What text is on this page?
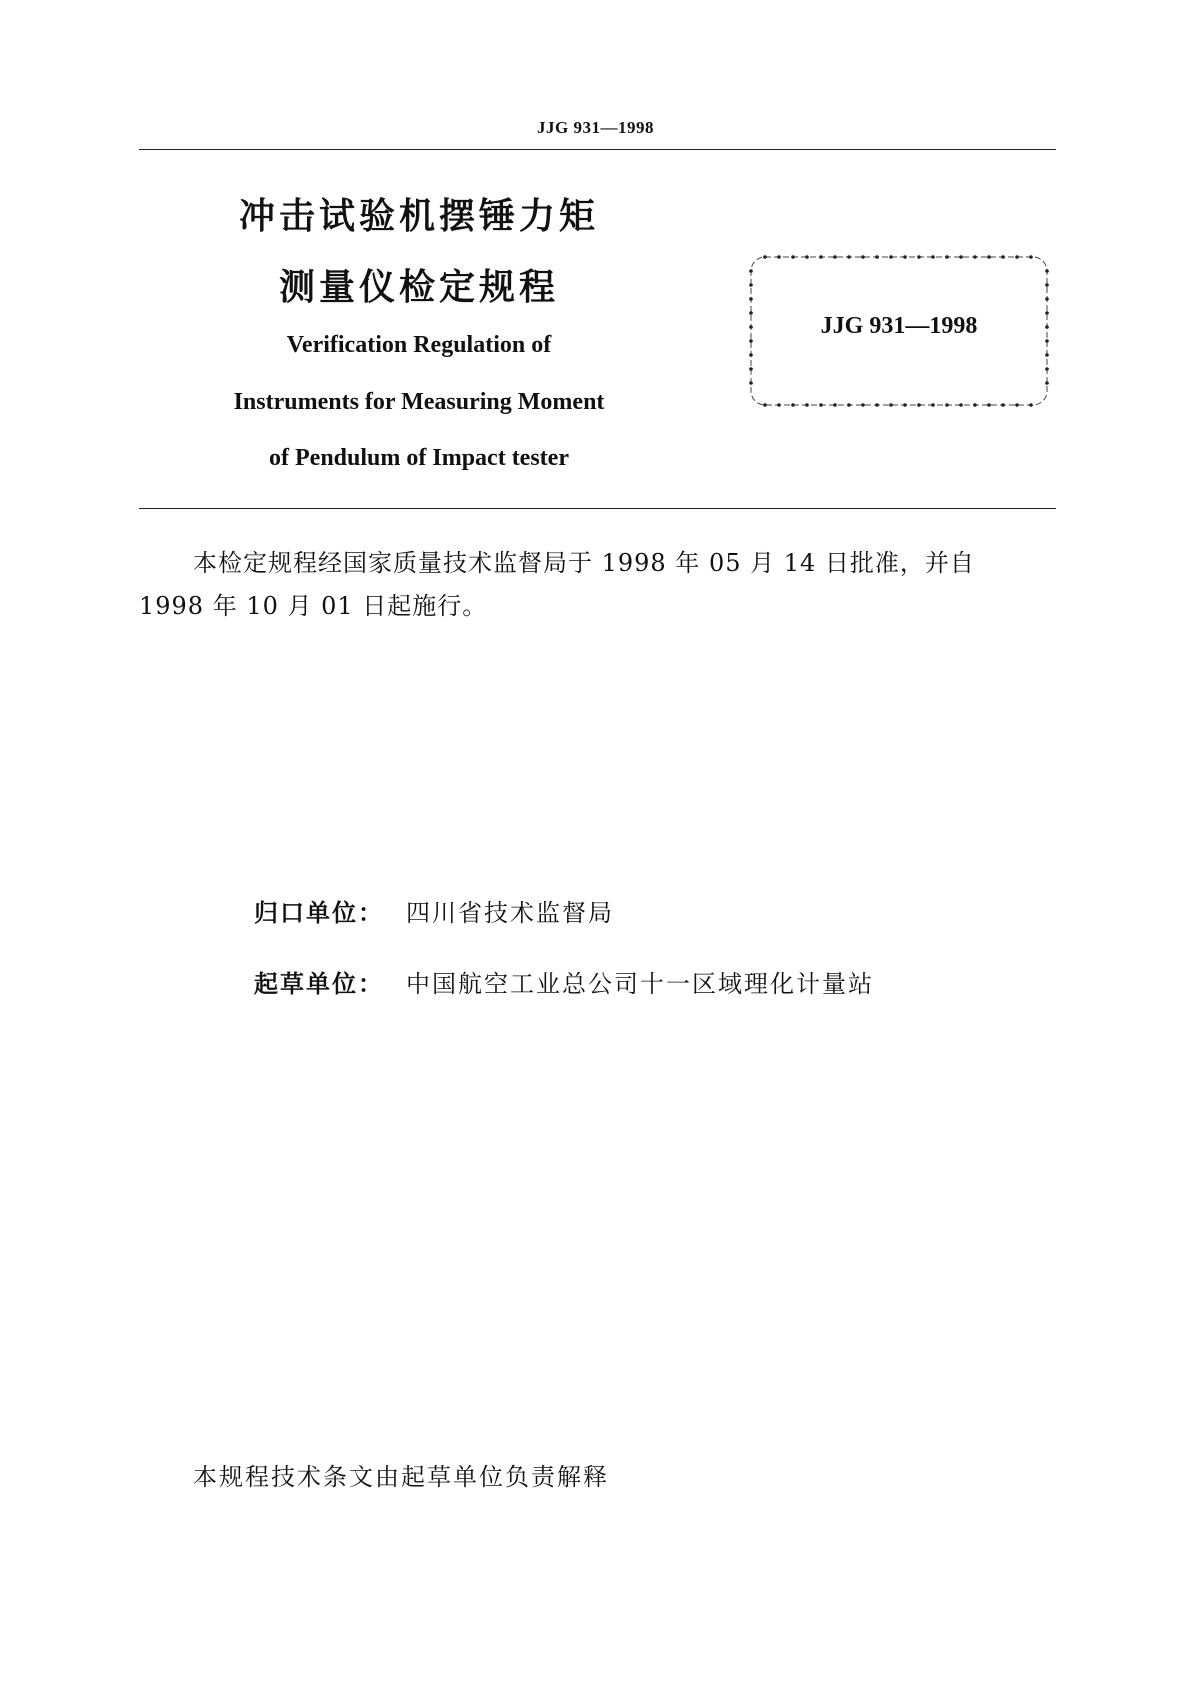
JJG 931—1998
冲击试验机摆锤力矩
测量仪检定规程
Verification Regulation of
Instruments for Measuring Moment
of Pendulum of Impact tester
JJG 931—1998
本检定规程经国家质量技术监督局于 1998 年 05 月 14 日批准，并自
1998 年 10 月 01 日起施行。
归口单位： 四川省技术监督局
起草单位： 中国航空工业总公司十一区域理化计量站
本规程技术条文由起草单位负责解释
